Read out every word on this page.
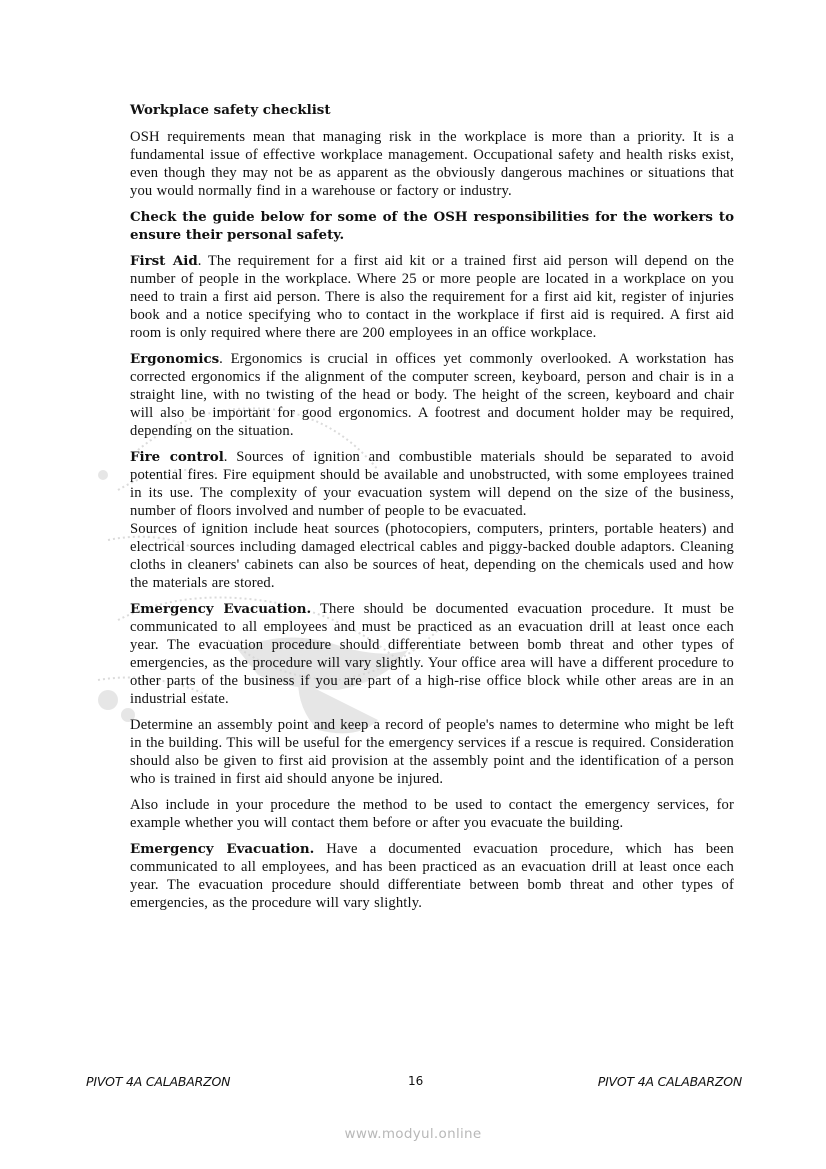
Workplace safety checklist

OSH requirements mean that managing risk in the workplace is more than a priority. It is a fundamental issue of effective workplace management. Occupational safety and health risks exist, even though they may not be as apparent as the obviously dangerous machines or situations that you would normally find in a warehouse or factory or industry.

Check the guide below for some of the OSH responsibilities for the workers to ensure their personal safety.

First Aid. The requirement for a first aid kit or a trained first aid person will depend on the number of people in the workplace. Where 25 or more people are located in a workplace on you need to train a first aid person. There is also the requirement for a first aid kit, register of injuries book and a notice specifying who to contact in the workplace if first aid is required. A first aid room is only required where there are 200 employees in an office workplace.

Ergonomics. Ergonomics is crucial in offices yet commonly overlooked. A workstation has corrected ergonomics if the alignment of the computer screen, keyboard, person and chair is in a straight line, with no twisting of the head or body. The height of the screen, keyboard and chair will also be important for good ergonomics. A footrest and document holder may be required, depending on the situation.

Fire control. Sources of ignition and combustible materials should be separated to avoid potential fires. Fire equipment should be available and unobstructed, with some employees trained in its use. The complexity of your evacuation system will depend on the size of the business, number of floors involved and number of people to be evacuated.

Sources of ignition include heat sources (photocopiers, computers, printers, portable heaters) and electrical sources including damaged electrical cables and piggy-backed double adaptors. Cleaning cloths in cleaners' cabinets can also be sources of heat, depending on the chemicals used and how the materials are stored.

Emergency Evacuation. There should be documented evacuation procedure. It must be communicated to all employees and must be practiced as an evacuation drill at least once each year. The evacuation procedure should differentiate between bomb threat and other types of emergencies, as the procedure will vary slightly. Your office area will have a different procedure to other parts of the business if you are part of a high-rise office block while other areas are in an industrial estate.

Determine an assembly point and keep a record of people's names to determine who might be left in the building. This will be useful for the emergency services if a rescue is required. Consideration should also be given to first aid provision at the assembly point and the identification of a person who is trained in first aid should anyone be injured.

Also include in your procedure the method to be used to contact the emergency services, for example whether you will contact them before or after you evacuate the building.

Emergency Evacuation. Have a documented evacuation procedure, which has been communicated to all employees, and has been practiced as an evacuation drill at least once each year. The evacuation procedure should differentiate between bomb threat and other types of emergencies, as the procedure will vary slightly.

PIVOT 4A CALABARZON	16	PIVOT 4A CALABARZON
www.modyul.online
